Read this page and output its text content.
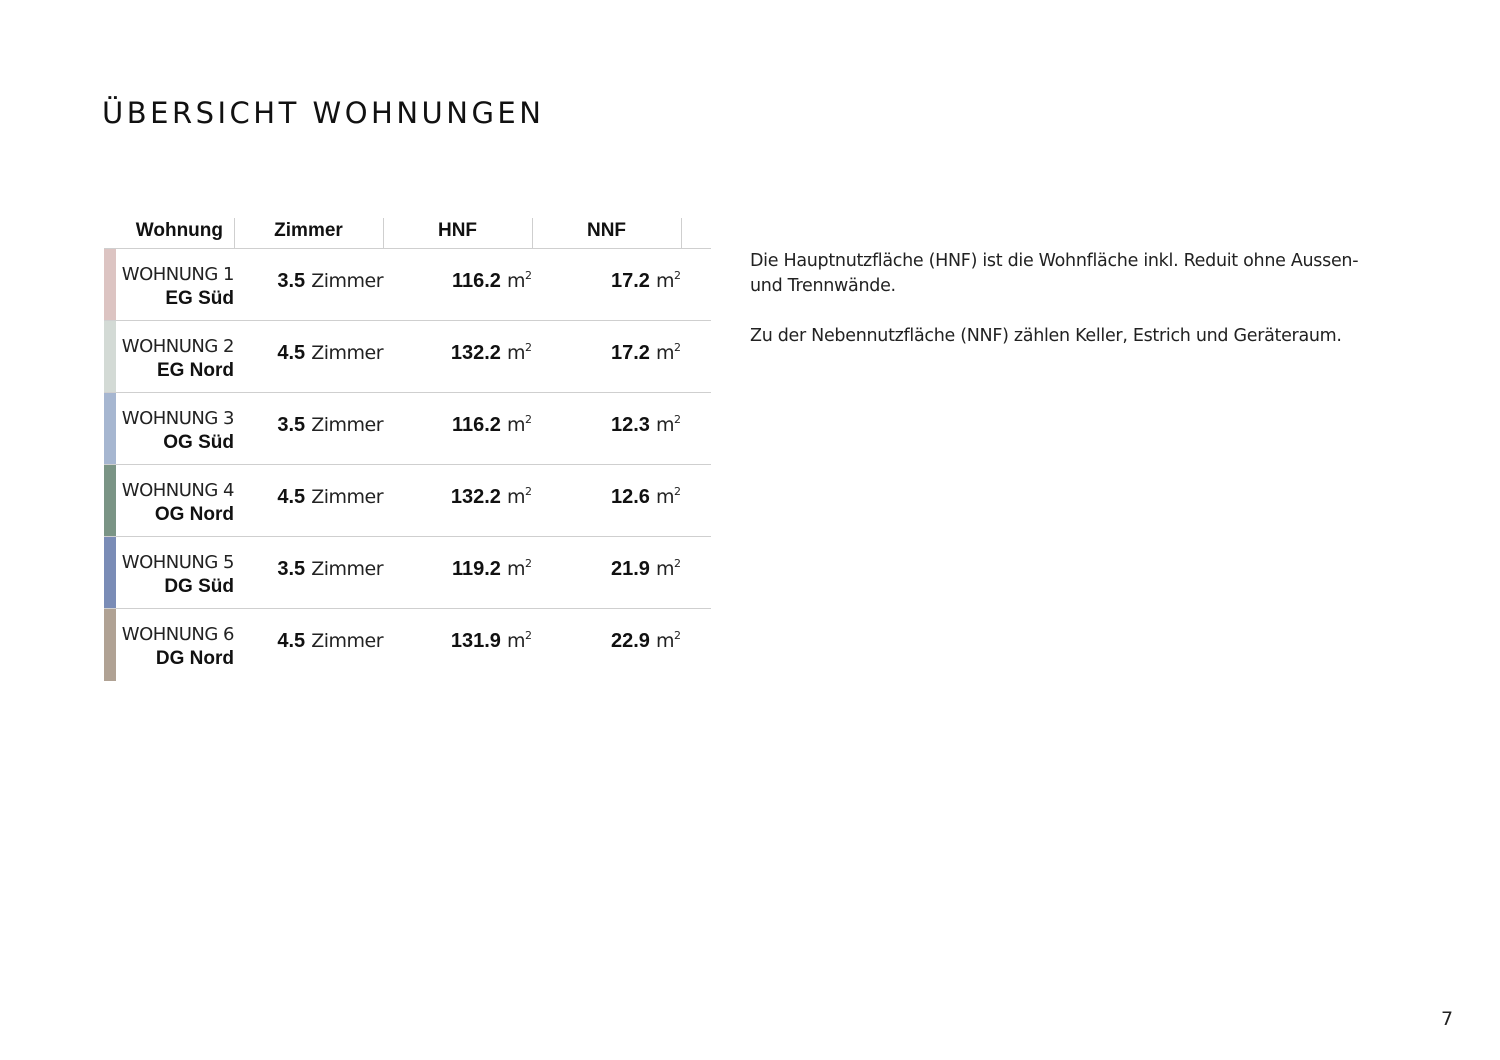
ÜBERSICHT WOHNUNGEN
Wohnung	Zimmer	HNF	NNF
WOHNUNG 1
EG Süd
3.5 Zimmer	116.2 $m^2$	17.2 $m^2$
WOHNUNG 2
EG Nord
4.5 Zimmer	132.2 $m^2$	17.2 $m^2$
WOHNUNG 3
OG Süd
3.5 Zimmer	116.2 $m^2$	12.3 $m^2$
WOHNUNG 4
OG Nord
4.5 Zimmer	132.2 $m^2$	12.6 $m^2$
WOHNUNG 5
DG Süd
3.5 Zimmer	119.2 $m^2$	21.9 $m^2$
WOHNUNG 6
DG Nord
4.5 Zimmer	131.9 $m^2$	22.9 $m^2$

Die Hauptnutzfläche (HNF) ist die Wohnfläche inkl. Reduit ohne Aussen- und Trennwände.

Zu der Nebennutzfläche (NNF) zählen Keller, Estrich und Geräteraum.

7
